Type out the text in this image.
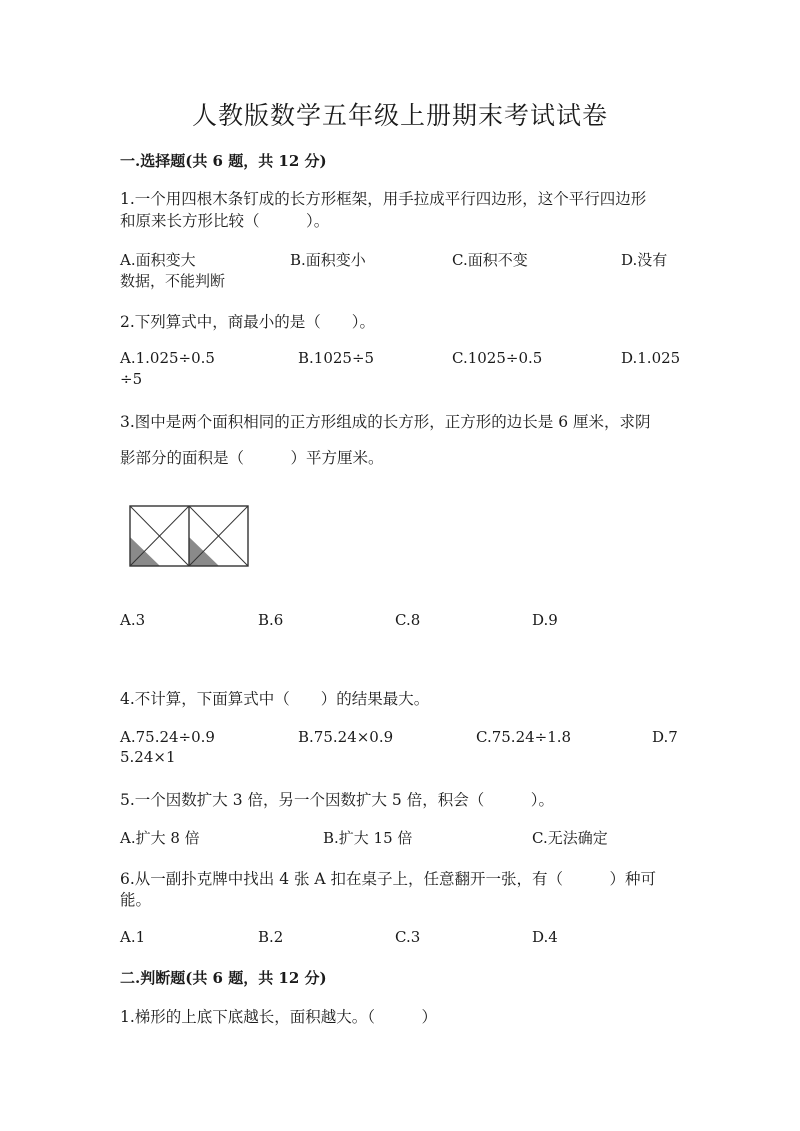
人教版数学五年级上册期末考试试卷
一.选择题(共 6 题，共 12 分)
1.一个用四根木条钉成的长方形框架，用手拉成平行四边形，这个平行四边形
和原来长方形比较（　　　）。
A.面积变大	B.面积变小	C.面积不变	D.没有
数据，不能判断
2.下列算式中，商最小的是（　　）。
A.1.025÷0.5	B.1025÷5	C.1025÷0.5	D.1.025
÷5
3.图中是两个面积相同的正方形组成的长方形，正方形的边长是 6 厘米，求阴
影部分的面积是（　　　）平方厘米。
A.3	B.6	C.8	D.9
4.不计算，下面算式中（　　）的结果最大。
A.75.24÷0.9	B.75.24×0.9	C.75.24÷1.8	D.7
5.24×1
5.一个因数扩大 3 倍，另一个因数扩大 5 倍，积会（　　　）。
A.扩大 8 倍	B.扩大 15 倍	C.无法确定
6.从一副扑克牌中找出 4 张 A 扣在桌子上，任意翻开一张，有（　　　）种可
能。
A.1	B.2	C.3	D.4
二.判断题(共 6 题，共 12 分)
1.梯形的上底下底越长，面积越大。（　　　）
